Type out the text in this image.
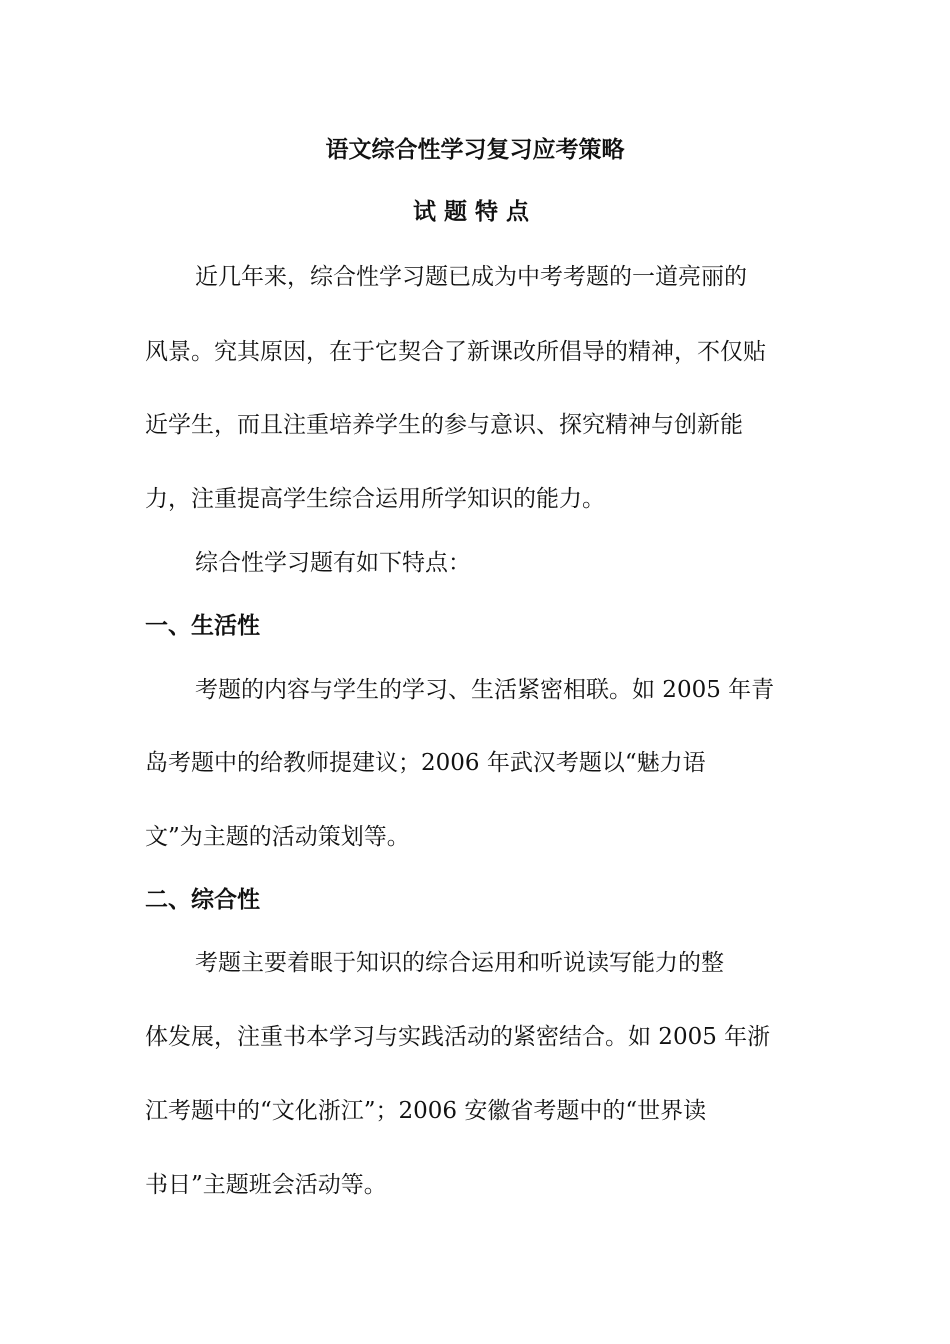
语文综合性学习复习应考策略
试题特点

近几年来，综合性学习题已成为中考考题的一道亮丽的

风景。究其原因，在于它契合了新课改所倡导的精神，不仅贴

近学生，而且注重培养学生的参与意识、探究精神与创新能

力，注重提高学生综合运用所学知识的能力。

综合性学习题有如下特点：

一、生活性

考题的内容与学生的学习、生活紧密相联。如 2005 年青

岛考题中的给教师提建议；2006 年武汉考题以“魅力语

文”为主题的活动策划等。

二、综合性

考题主要着眼于知识的综合运用和听说读写能力的整

体发展，注重书本学习与实践活动的紧密结合。如 2005 年浙

江考题中的“文化浙江”；2006 安徽省考题中的“世界读

书日”主题班会活动等。
